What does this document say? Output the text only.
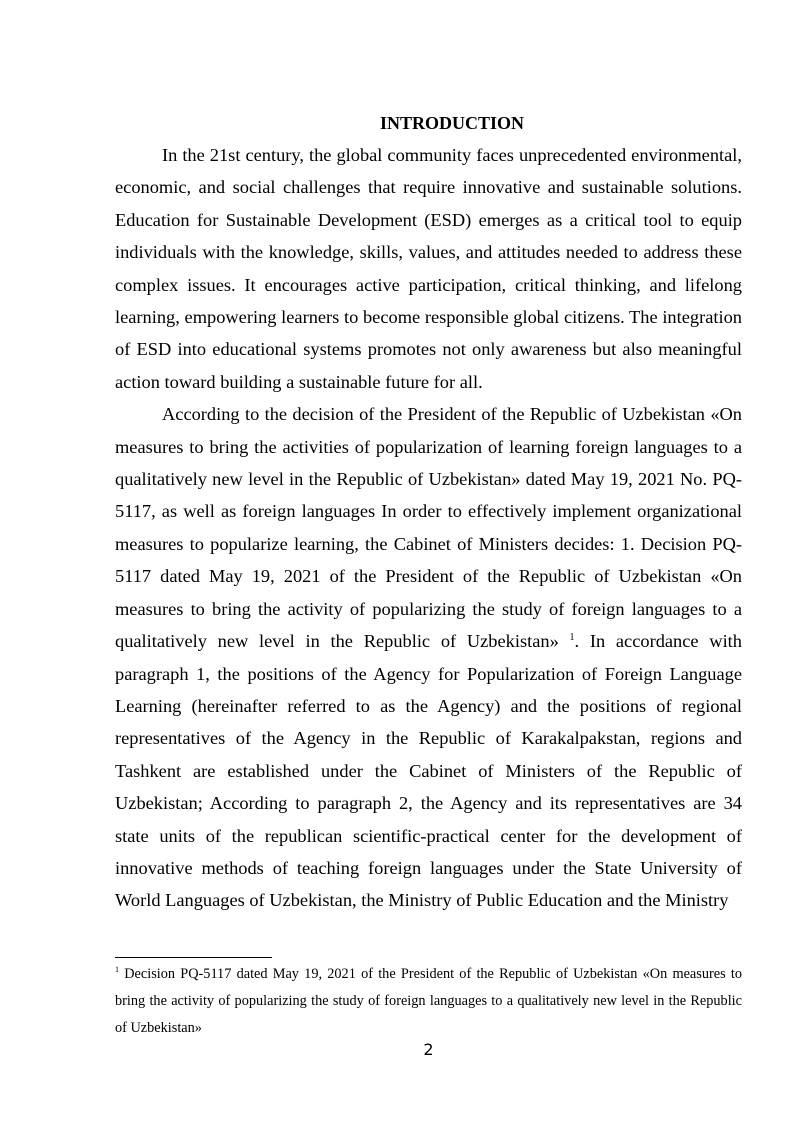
INTRODUCTION

In the 21st century, the global community faces unprecedented environmental, economic, and social challenges that require innovative and sustainable solutions. Education for Sustainable Development (ESD) emerges as a critical tool to equip individuals with the knowledge, skills, values, and attitudes needed to address these complex issues. It encourages active participation, critical thinking, and lifelong learning, empowering learners to become responsible global citizens. The integration of ESD into educational systems promotes not only awareness but also meaningful action toward building a sustainable future for all.

According to the decision of the President of the Republic of Uzbekistan «On measures to bring the activities of popularization of learning foreign languages to a qualitatively new level in the Republic of Uzbekistan» dated May 19, 2021 No. PQ-5117, as well as foreign languages In order to effectively implement organizational measures to popularize learning, the Cabinet of Ministers decides: 1. Decision PQ-5117 dated May 19, 2021 of the President of the Republic of Uzbekistan «On measures to bring the activity of popularizing the study of foreign languages to a qualitatively new level in the Republic of Uzbekistan» $^1$. In accordance with paragraph 1, the positions of the Agency for Popularization of Foreign Language Learning (hereinafter referred to as the Agency) and the positions of regional representatives of the Agency in the Republic of Karakalpakstan, regions and Tashkent are established under the Cabinet of Ministers of the Republic of Uzbekistan; According to paragraph 2, the Agency and its representatives are 34 state units of the republican scientific-practical center for the development of innovative methods of teaching foreign languages under the State University of World Languages of Uzbekistan, the Ministry of Public Education and the Ministry

$^1$ Decision PQ-5117 dated May 19, 2021 of the President of the Republic of Uzbekistan «On measures to bring the activity of popularizing the study of foreign languages to a qualitatively new level in the Republic of Uzbekistan»

2
